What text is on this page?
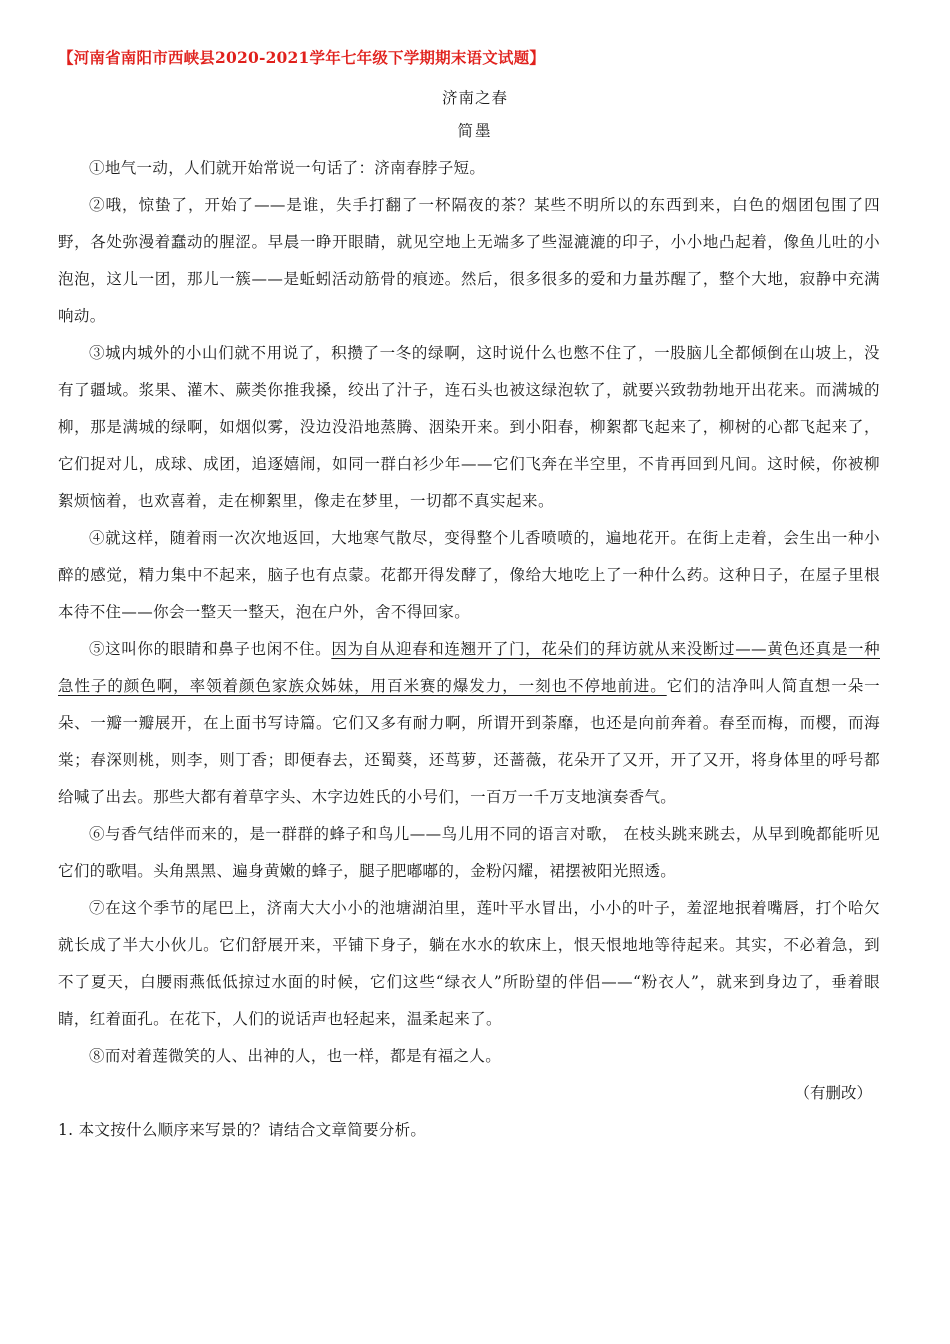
【河南省南阳市西峡县2020-2021学年七年级下学期期末语文试题】
济南之春
简墨

①地气一动，人们就开始常说一句话了：济南春脖子短。

②哦，惊蛰了，开始了——是谁，失手打翻了一杯隔夜的茶？某些不明所以的东西到来，白色的烟团包围了四野，各处弥漫着蠢动的腥涩。早晨一睁开眼睛，就见空地上无端多了些湿漉漉的印子，小小地凸起着，像鱼儿吐的小泡泡，这儿一团，那儿一簇——是蚯蚓活动筋骨的痕迹。然后，很多很多的爱和力量苏醒了，整个大地，寂静中充满响动。

③城内城外的小山们就不用说了，积攒了一冬的绿啊，这时说什么也憋不住了，一股脑儿全都倾倒在山坡上，没有了疆域。浆果、灌木、蕨类你推我搡，绞出了汁子，连石头也被这绿泡软了，就要兴致勃勃地开出花来。而满城的柳，那是满城的绿啊，如烟似雾，没边没沿地蒸腾、洇染开来。到小阳春，柳絮都飞起来了，柳树的心都飞起来了，它们捉对儿，成球、成团，追逐嬉闹，如同一群白衫少年——它们飞奔在半空里，不肯再回到凡间。这时候，你被柳絮烦恼着，也欢喜着，走在柳絮里，像走在梦里，一切都不真实起来。

④就这样，随着雨一次次地返回，大地寒气散尽，变得整个儿香喷喷的，遍地花开。在街上走着，会生出一种小醉的感觉，精力集中不起来，脑子也有点蒙。花都开得发酵了，像给大地吃上了一种什么药。这种日子，在屋子里根本待不住——你会一整天一整天，泡在户外，舍不得回家。

⑤这叫你的眼睛和鼻子也闲不住。因为自从迎春和连翘开了门，花朵们的拜访就从来没断过——黄色还真是一种急性子的颜色啊，率领着颜色家族众姊妹，用百米赛的爆发力，一刻也不停地前进。它们的洁净叫人简直想一朵一朵、一瓣一瓣展开，在上面书写诗篇。它们又多有耐力啊，所谓开到荼靡，也还是向前奔着。春至而梅，而樱，而海棠；春深则桃，则李，则丁香；即便春去，还蜀葵，还茑萝，还蔷薇，花朵开了又开，开了又开，将身体里的呼号都给喊了出去。那些大都有着草字头、木字边姓氏的小号们，一百万一千万支地演奏香气。

⑥与香气结伴而来的，是一群群的蜂子和鸟儿——鸟儿用不同的语言对歌， 在枝头跳来跳去，从早到晚都能听见它们的歌唱。头角黑黑、遍身黄嫩的蜂子，腿子肥嘟嘟的，金粉闪耀，裙摆被阳光照透。

⑦在这个季节的尾巴上，济南大大小小的池塘湖泊里，莲叶平水冒出，小小的叶子，羞涩地抿着嘴唇，打个哈欠就长成了半大小伙儿。它们舒展开来，平铺下身子，躺在水水的软床上，恨天恨地地等待起来。其实，不必着急，到不了夏天，白腰雨燕低低掠过水面的时候，它们这些“绿衣人”所盼望的伴侣——“粉衣人”，就来到身边了，垂着眼睛，红着面孔。在花下，人们的说话声也轻起来，温柔起来了。

⑧而对着莲微笑的人、出神的人，也一样，都是有福之人。

（有删改）

1. 本文按什么顺序来写景的？请结合文章简要分析。
